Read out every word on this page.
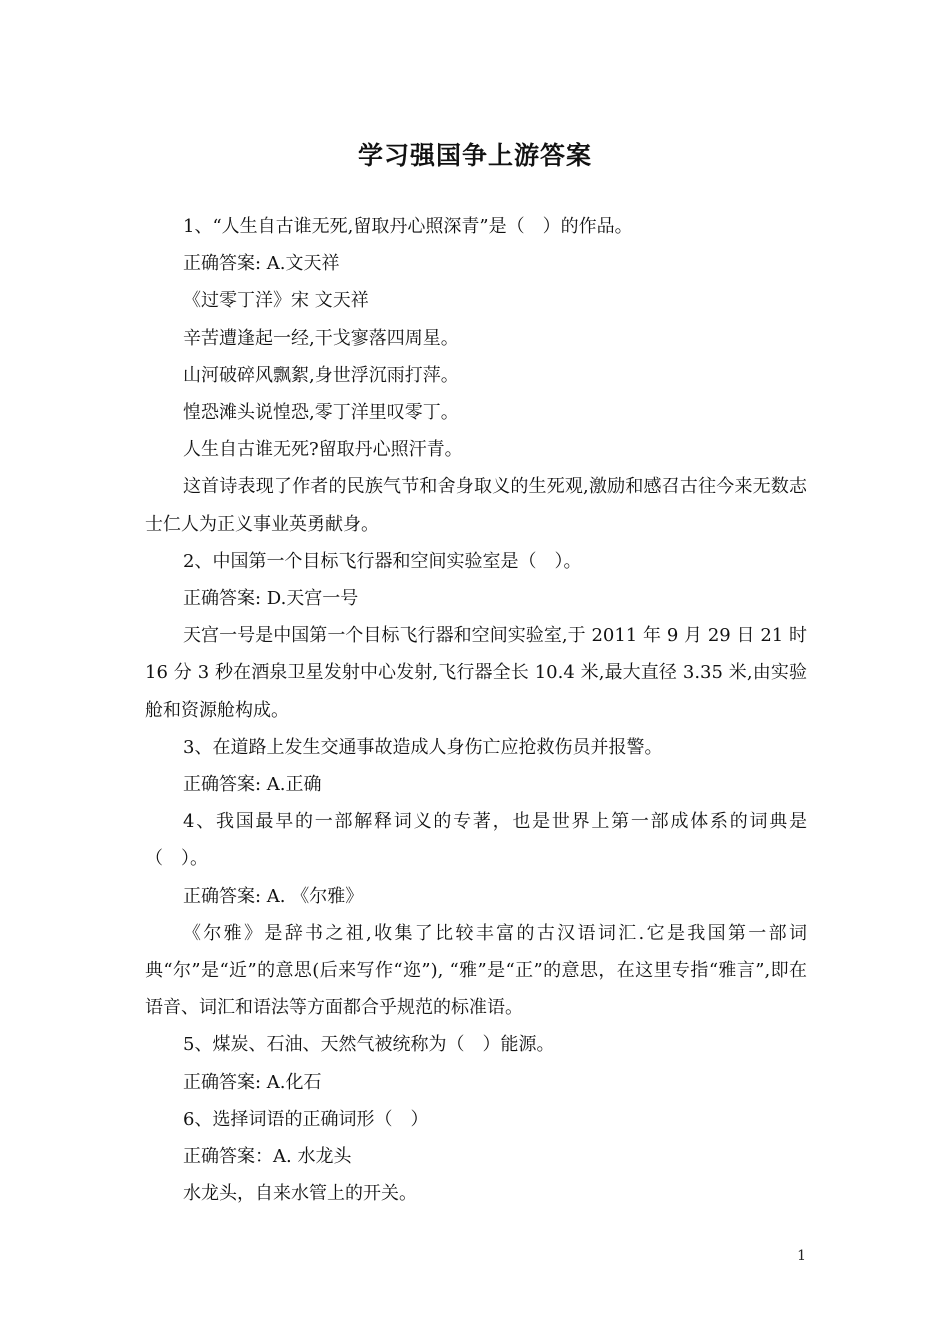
学习强国争上游答案

1、“人生自古谁无死,留取丹心照深青”是（　）的作品。

正确答案: A.文天祥

《过零丁洋》宋 文天祥

辛苦遭逢起一经,干戈寥落四周星。

山河破碎风飘絮,身世浮沉雨打萍。

惶恐滩头说惶恐,零丁洋里叹零丁。

人生自古谁无死?留取丹心照汗青。

这首诗表现了作者的民族气节和舍身取义的生死观,激励和感召古往今来无数志士仁人为正义事业英勇献身。

2、中国第一个目标飞行器和空间实验室是（　）。

正确答案: D.天宫一号

天宫一号是中国第一个目标飞行器和空间实验室,于 2011 年 9 月 29 日 21 时 16 分 3 秒在酒泉卫星发射中心发射,飞行器全长 10.4 米,最大直径 3.35 米,由实验舱和资源舱构成。

3、在道路上发生交通事故造成人身伤亡应抢救伤员并报警。

正确答案: A.正确

4、我国最早的一部解释词义的专著，也是世界上第一部成体系的词典是（　）。

正确答案: A. 《尔雅》

《尔雅》是辞书之祖,收集了比较丰富的古汉语词汇.它是我国第一部词典“尔”是“近”的意思(后来写作“迩”), “雅”是“正”的意思，在这里专指“雅言”,即在语音、词汇和语法等方面都合乎规范的标准语。

5、煤炭、石油、天然气被统称为（　）能源。

正确答案: A.化石

6、选择词语的正确词形（　）

正确答案：A. 水龙头

水龙头，自来水管上的开关。

1
